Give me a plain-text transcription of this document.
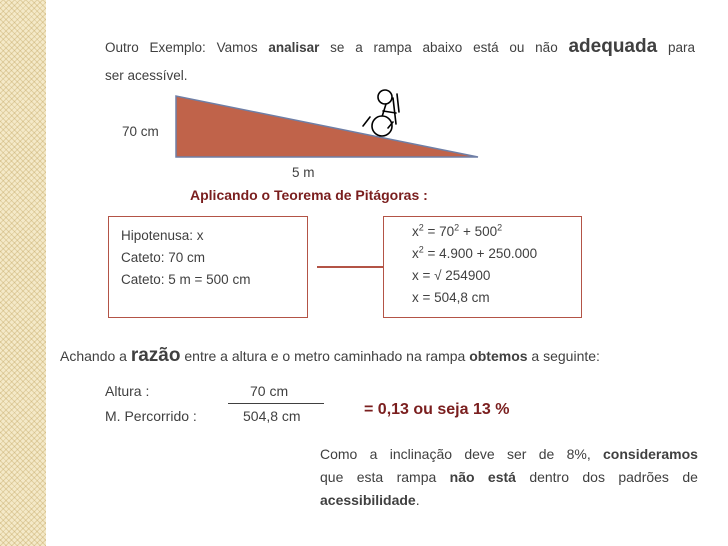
Outro Exemplo: Vamos analisar se a rampa abaixo está ou não adequada para
ser acessível.
70 cm
5 m
Aplicando o Teorema de Pitágoras :
Hipotenusa: x
Cateto: 70 cm
Cateto: 5 m = 500 cm
$x^2 = 70^2 + 500^2$
$x^2 = 4.900 + 250.000$
x = √ 254900
x = 504,8 cm
Achando a razão entre a altura e o metro caminhado na rampa obtemos a seguinte:
Altura :
M. Percorrido :
70 cm
504,8 cm	= 0,13 ou seja 13 %
Como a inclinação deve ser de 8%, consideramos
que esta rampa não está dentro dos padrões de
acessibilidade.
